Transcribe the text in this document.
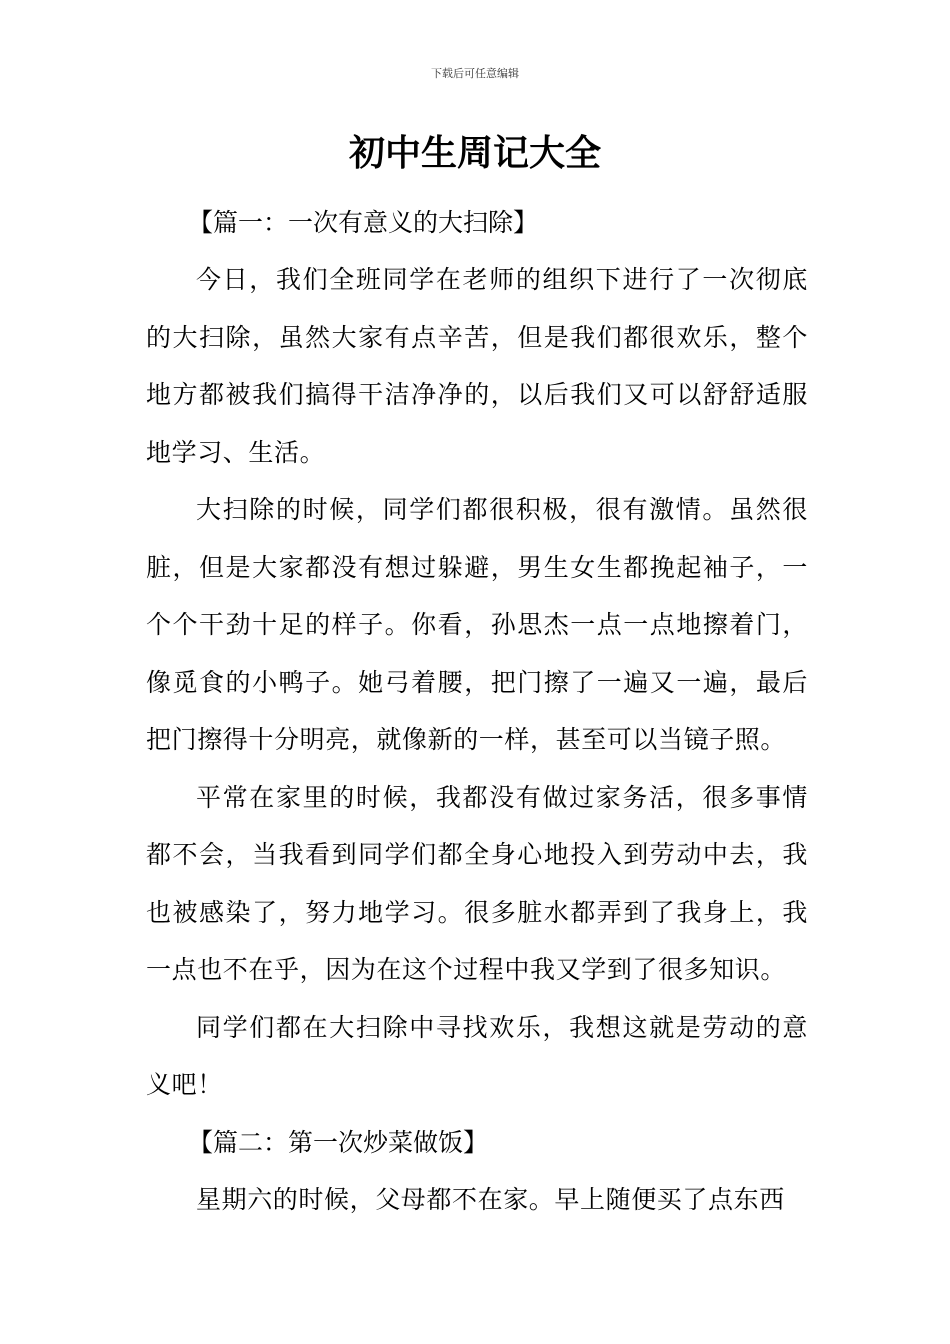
下载后可任意编辑
初中生周记大全
【篇一：一次有意义的大扫除】

今日，我们全班同学在老师的组织下进行了一次彻底的大扫除，虽然大家有点辛苦，但是我们都很欢乐，整个地方都被我们搞得干洁净净的，以后我们又可以舒舒适服地学习、生活。

大扫除的时候，同学们都很积极，很有激情。虽然很脏，但是大家都没有想过躲避，男生女生都挽起袖子，一个个干劲十足的样子。你看，孙思杰一点一点地擦着门，像觅食的小鸭子。她弓着腰，把门擦了一遍又一遍，最后把门擦得十分明亮，就像新的一样，甚至可以当镜子照。

平常在家里的时候，我都没有做过家务活，很多事情都不会，当我看到同学们都全身心地投入到劳动中去，我也被感染了，努力地学习。很多脏水都弄到了我身上，我一点也不在乎，因为在这个过程中我又学到了很多知识。

同学们都在大扫除中寻找欢乐，我想这就是劳动的意义吧！

【篇二：第一次炒菜做饭】

星期六的时候，父母都不在家。早上随便买了点东西
